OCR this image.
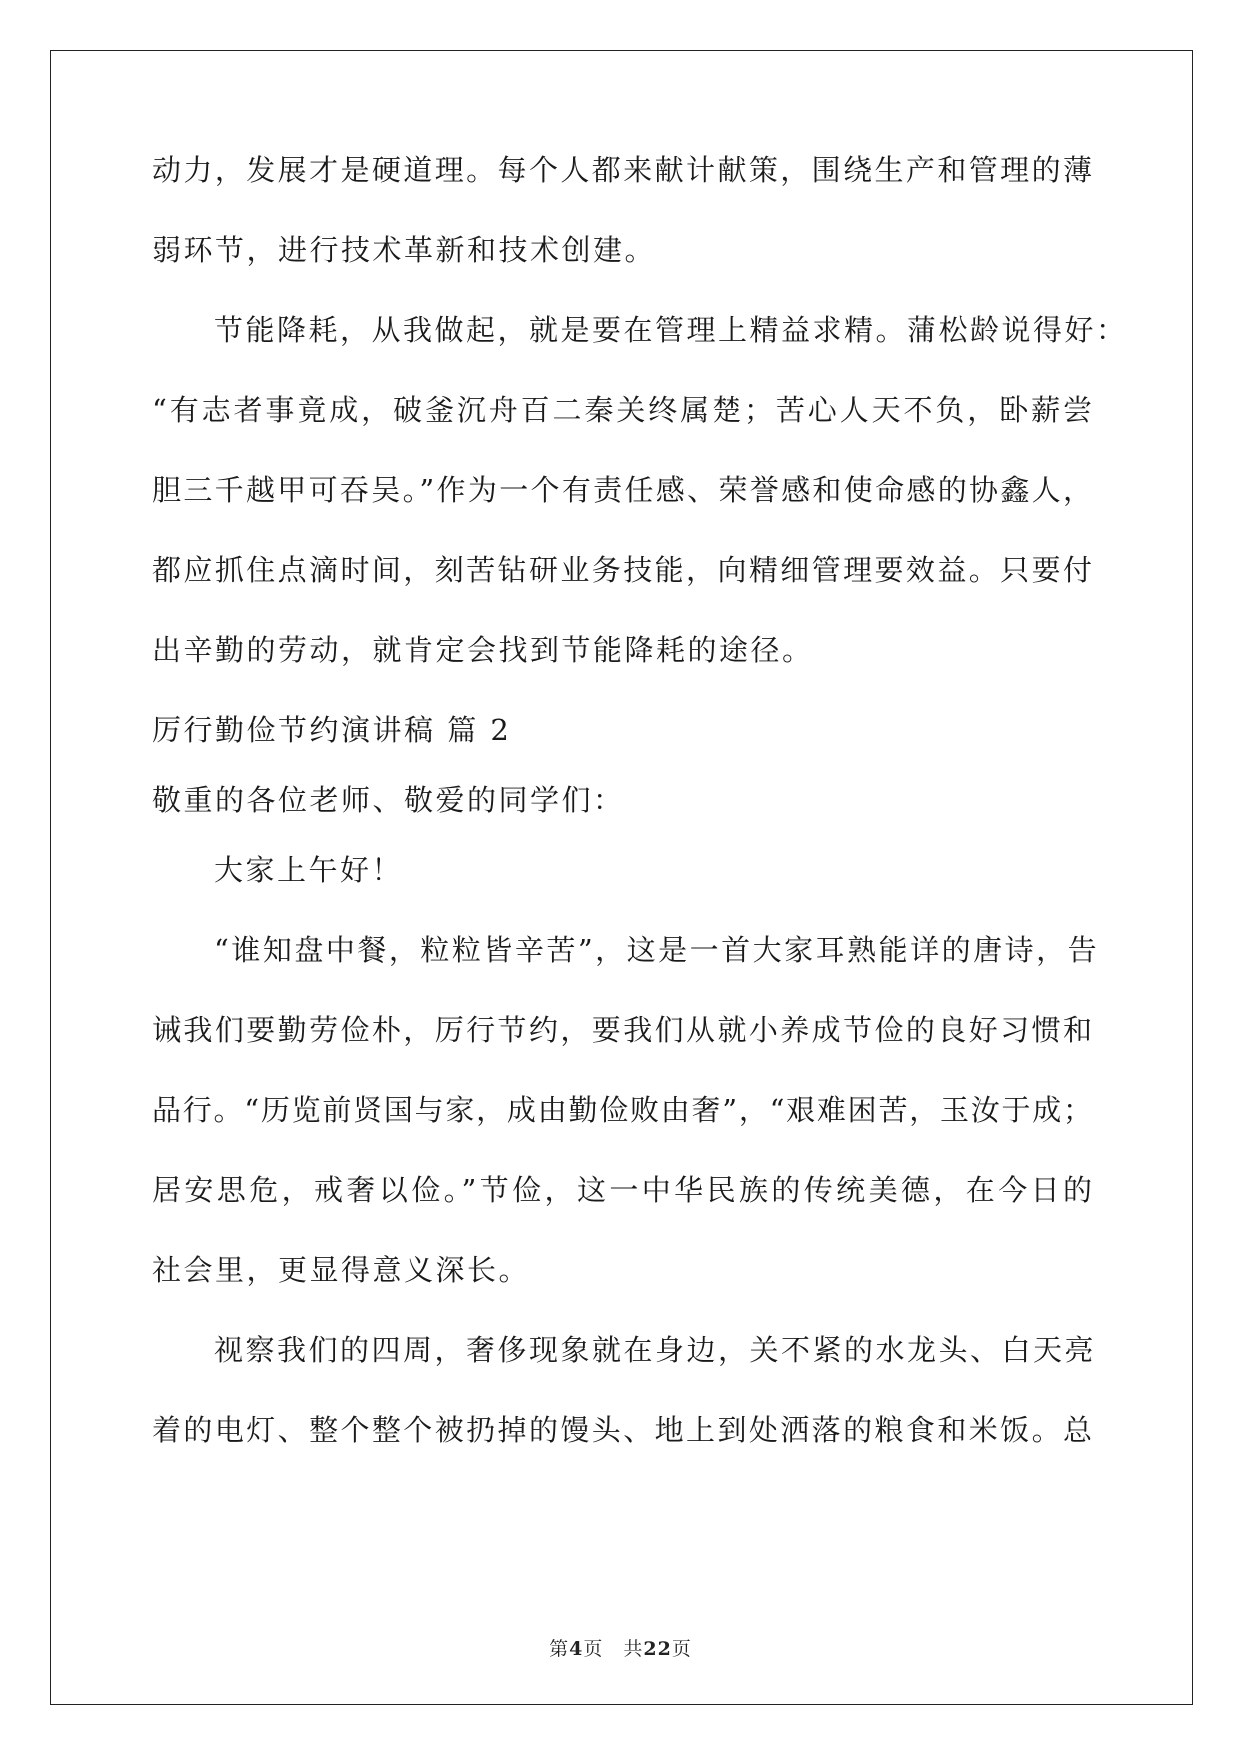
动力，发展才是硬道理。每个人都来献计献策，围绕生产和管理的薄
弱环节，进行技术革新和技术创建。
节能降耗，从我做起，就是要在管理上精益求精。蒲松龄说得好：
“有志者事竟成，破釜沉舟百二秦关终属楚；苦心人天不负，卧薪尝
胆三千越甲可吞吴。”作为一个有责任感、荣誉感和使命感的协鑫人，
都应抓住点滴时间，刻苦钻研业务技能，向精细管理要效益。只要付
出辛勤的劳动，就肯定会找到节能降耗的途径。
厉行勤俭节约演讲稿 篇 2
敬重的各位老师、敬爱的同学们：
大家上午好！
“谁知盘中餐，粒粒皆辛苦”，这是一首大家耳熟能详的唐诗，告
诫我们要勤劳俭朴，厉行节约，要我们从就小养成节俭的良好习惯和
品行。“历览前贤国与家，成由勤俭败由奢”，“艰难困苦，玉汝于成；
居安思危，戒奢以俭。”节俭，这一中华民族的传统美德，在今日的
社会里，更显得意义深长。
视察我们的四周，奢侈现象就在身边，关不紧的水龙头、白天亮
着的电灯、整个整个被扔掉的馒头、地上到处洒落的粮食和米饭。总
第4页 共22页
